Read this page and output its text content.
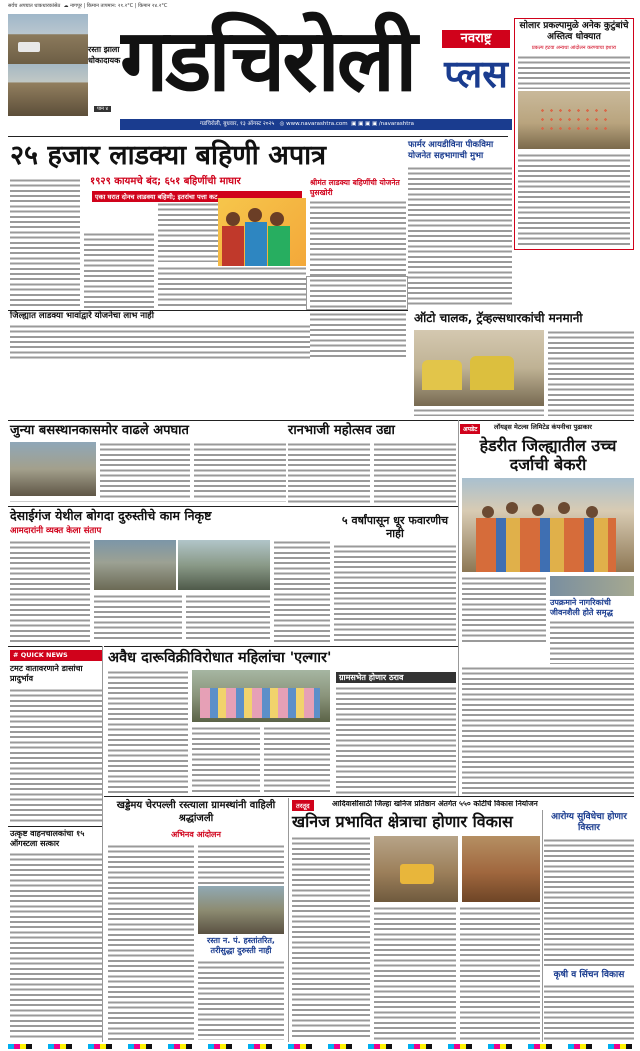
सर्वच अपघात धाकधारकांसेठ ☁ नागपूर | किमान तापमान: २१.२°C | किमान २४.२°C
रस्ता झाला धोकादायक
पान ४ गडचिरोली	नवराष्ट्र
प्लस
गडचिरोली, बुधवार, १३ ऑगस्ट २०२५ ◎ www.navarashtra.com ▣ ▣ ▣ ▣ /navarashtra
सोलार प्रकल्पामुळे अनेक कुटुंबांचे अस्तित्व धोक्यात
प्रकल्प हटवा अन्यथा आंदोलन करण्याचा इशारा
२५ हजार लाडक्या बहिणी अपात्र	फार्मर आयडीविना पीकविमा योजनेत सहभागाची मुभा
१९२९ कायमचे बंद; ६५१ बहिणींची माघार
एका घरात दोनच लाडक्या बहिणी; इतरांचा पत्ता कट
श्रीमंत लाडक्या बहिणींची योजनेत घुसखोरी
जिल्ह्यात लाडक्या भावांद्वारे योजनेचा लाभ नाही	ऑटो चालक, ट्रॅव्हल्सधारकांची मनमानी
जुन्या बसस्थानकासमोर वाढले अपघात	रानभाजी महोत्सव उद्या	अपडेट	लॉयड्स मेटल्स लिमिटेड कंपनीचा पुढाकार
हेडरीत जिल्ह्यातील उच्च दर्जाची बेकरी
देसाईगंज येथील बोगदा दुरुस्तीचे काम निकृष्ट
आमदारांनी व्यक्त केला संताप
५ वर्षांपासून धूर फवारणीच नाही
उपक्रमाने नागरिकांची जीवनशैली होते समृद्ध
# QUICK NEWS
टमट वातावरणाने डासांचा प्रादुर्भाव
उत्कृष्ट वाहनचालकांचा १५ ऑगस्टला सत्कार
अवैध दारूविक्रीविरोधात महिलांचा 'एल्गार'
ग्रामसभेत होणार ठराव
खड्डेमय चेरपल्ली रस्त्याला ग्रामस्थांनी वाहिली श्रद्धांजली
अभिनव आंदोलन
तरतूद	आदिवासींसाठी जिल्हा खनिज प्रतिष्ठान अंतर्गत ५५० कोटींचे विकास नियोजन
खनिज प्रभावित क्षेत्राचा होणार विकास	आरोग्य सुविधेचा होणार विस्तार
रस्ता न. पं. हस्तांतरित, तरीसुद्धा दुरुस्ती नाही
कृषी व सिंचन विकास
